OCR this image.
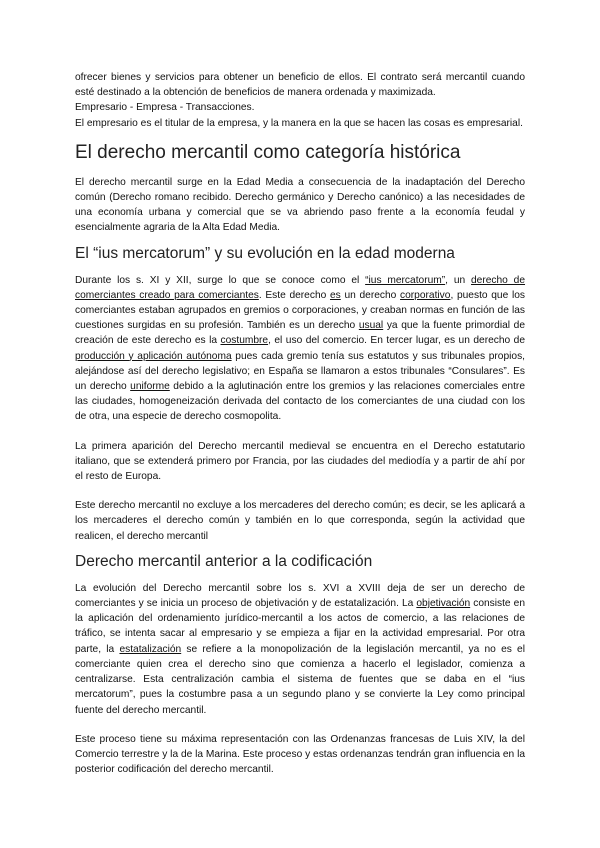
ofrecer bienes y servicios para obtener un beneficio de ellos. El contrato será mercantil cuando esté destinado a la obtención de beneficios de manera ordenada y maximizada.

Empresario - Empresa - Transacciones.

El empresario es el titular de la empresa, y la manera en la que se hacen las cosas es empresarial.

El derecho mercantil como categoría histórica

El derecho mercantil surge en la Edad Media a consecuencia de la inadaptación del Derecho común (Derecho romano recibido. Derecho germánico y Derecho canónico) a las necesidades de una economía urbana y comercial que se va abriendo paso frente a la economía feudal y esencialmente agraria de la Alta Edad Media.

El “ius mercatorum” y su evolución en la edad moderna

Durante los s. XI y XII, surge lo que se conoce como el “ius mercatorum”, un derecho de comerciantes creado para comerciantes. Este derecho es un derecho corporativo, puesto que los comerciantes estaban agrupados en gremios o corporaciones, y creaban normas en función de las cuestiones surgidas en su profesión. También es un derecho usual ya que la fuente primordial de creación de este derecho es la costumbre, el uso del comercio. En tercer lugar, es un derecho de producción y aplicación autónoma pues cada gremio tenía sus estatutos y sus tribunales propios, alejándose así del derecho legislativo; en España se llamaron a estos tribunales “Consulares”. Es un derecho uniforme debido a la aglutinación entre los gremios y las relaciones comerciales entre las ciudades, homogeneización derivada del contacto de los comerciantes de una ciudad con los de otra, una especie de derecho cosmopolita.

La primera aparición del Derecho mercantil medieval se encuentra en el Derecho estatutario italiano, que se extenderá primero por Francia, por las ciudades del mediodía y a partir de ahí por el resto de Europa.

Este derecho mercantil no excluye a los mercaderes del derecho común; es decir, se les aplicará a los mercaderes el derecho común y también en lo que corresponda, según la actividad que realicen, el derecho mercantil

Derecho mercantil anterior a la codificación

La evolución del Derecho mercantil sobre los s. XVI a XVIII deja de ser un derecho de comerciantes y se inicia un proceso de objetivación y de estatalización. La objetivación consiste en la aplicación del ordenamiento jurídico-mercantil a los actos de comercio, a las relaciones de tráfico, se intenta sacar al empresario y se empieza a fijar en la actividad empresarial. Por otra parte, la estatalización se refiere a la monopolización de la legislación mercantil, ya no es el comerciante quien crea el derecho sino que comienza a hacerlo el legislador, comienza a centralizarse. Esta centralización cambia el sistema de fuentes que se daba en el “ius mercatorum”, pues la costumbre pasa a un segundo plano y se convierte la Ley como principal fuente del derecho mercantil.

Este proceso tiene su máxima representación con las Ordenanzas francesas de Luis XIV, la del Comercio terrestre y la de la Marina. Este proceso y estas ordenanzas tendrán gran influencia en la posterior codificación del derecho mercantil.
